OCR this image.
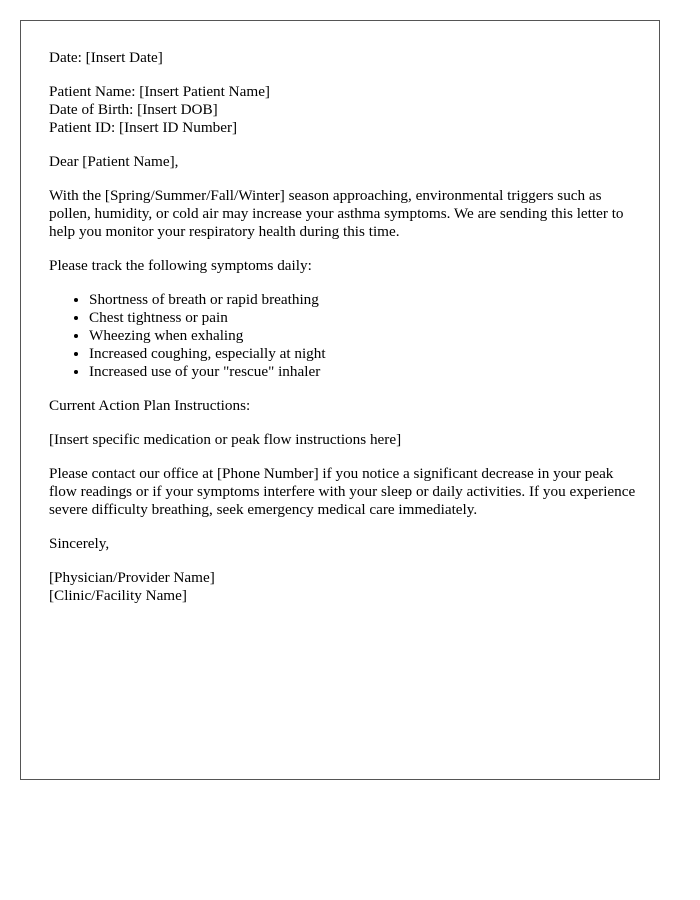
Date: [Insert Date]

Patient Name: [Insert Patient Name]
Date of Birth: [Insert DOB]
Patient ID: [Insert ID Number]

Dear [Patient Name],

With the [Spring/Summer/Fall/Winter] season approaching, environmental triggers such as pollen, humidity, or cold air may increase your asthma symptoms. We are sending this letter to help you monitor your respiratory health during this time.

Please track the following symptoms daily:

• Shortness of breath or rapid breathing
• Chest tightness or pain
• Wheezing when exhaling
• Increased coughing, especially at night
• Increased use of your "rescue" inhaler

Current Action Plan Instructions:

[Insert specific medication or peak flow instructions here]

Please contact our office at [Phone Number] if you notice a significant decrease in your peak flow readings or if your symptoms interfere with your sleep or daily activities. If you experience severe difficulty breathing, seek emergency medical care immediately.

Sincerely,

[Physician/Provider Name]
[Clinic/Facility Name]
